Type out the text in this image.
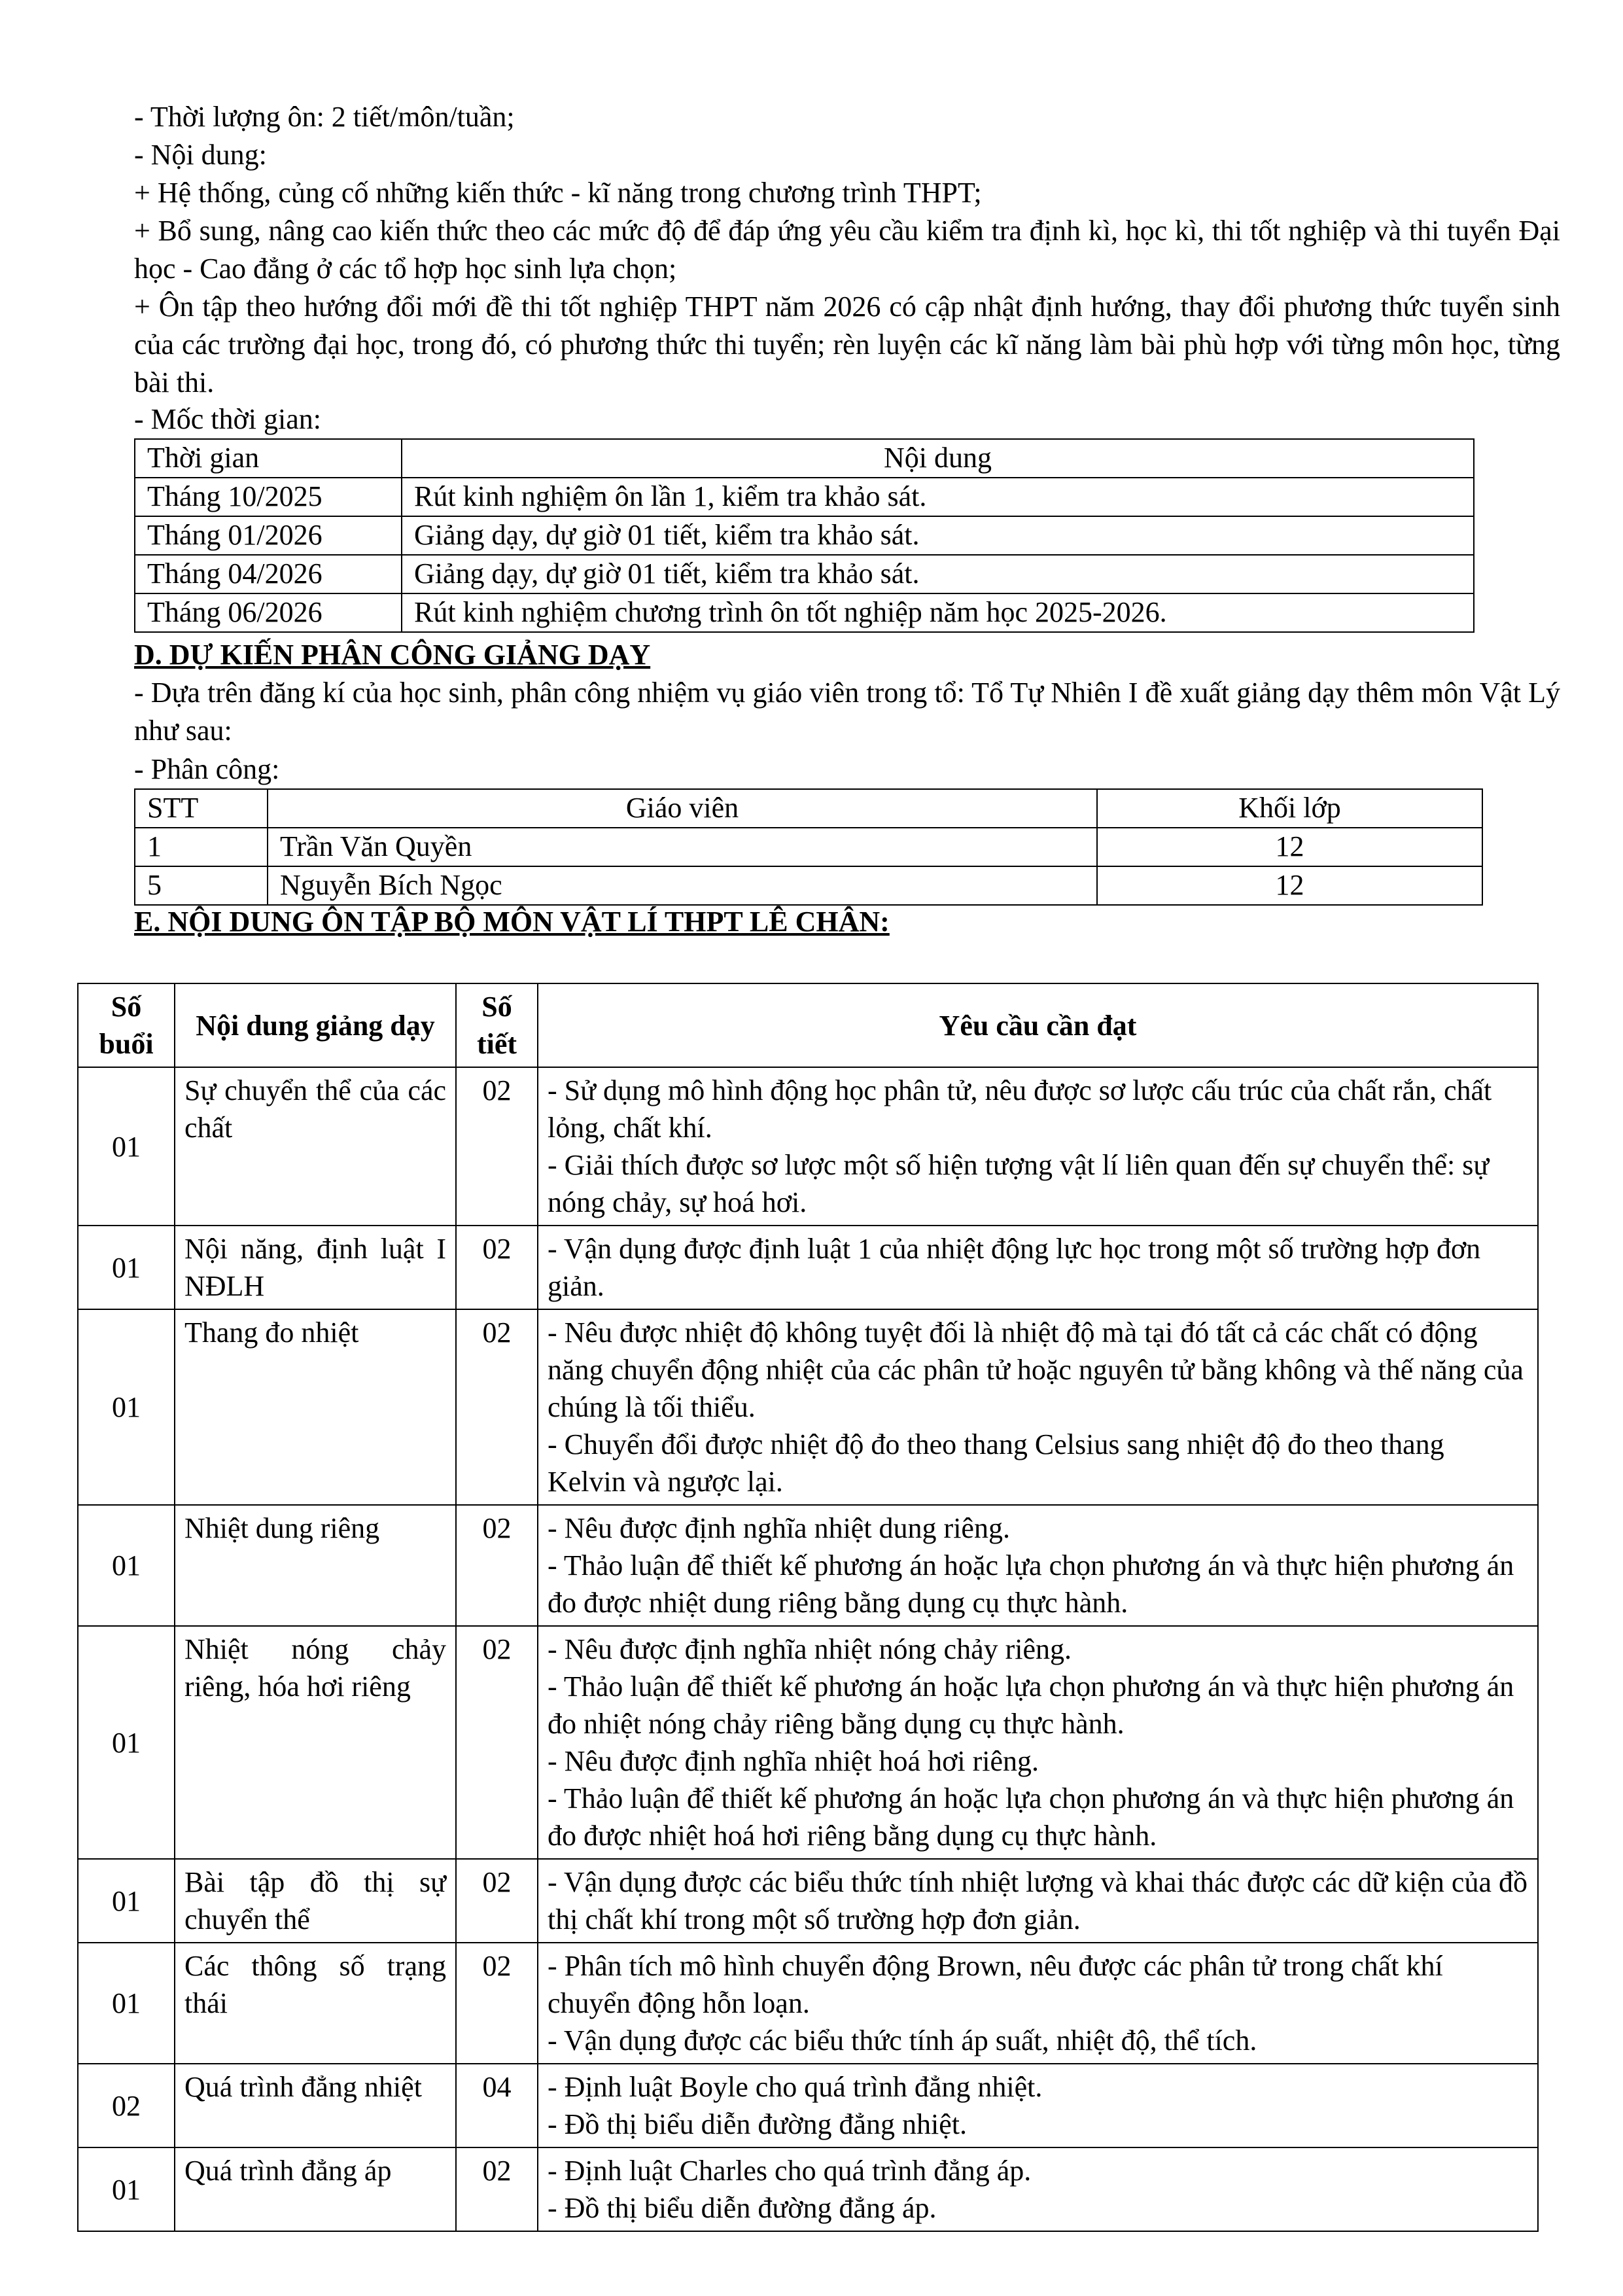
- Thời lượng ôn: 2 tiết/môn/tuần;
- Nội dung:
+ Hệ thống, củng cố những kiến thức - kĩ năng trong chương trình THPT;
+ Bổ sung, nâng cao kiến thức theo các mức độ để đáp ứng yêu cầu kiểm tra định kì, học kì, thi tốt nghiệp và thi tuyển Đại học - Cao đẳng ở các tổ hợp học sinh lựa chọn;
+ Ôn tập theo hướng đổi mới đề thi tốt nghiệp THPT năm 2026 có cập nhật định hướng, thay đổi phương thức tuyển sinh của các trường đại học, trong đó, có phương thức thi tuyển; rèn luyện các kĩ năng làm bài phù hợp với từng môn học, từng bài thi.
- Mốc thời gian:
Thời gian	Nội dung
Tháng 10/2025	Rút kinh nghiệm ôn lần 1, kiểm tra khảo sát.
Tháng 01/2026	Giảng dạy, dự giờ 01 tiết, kiểm tra khảo sát.
Tháng 04/2026	Giảng dạy, dự giờ 01 tiết, kiểm tra khảo sát.
Tháng 06/2026	Rút kinh nghiệm chương trình ôn tốt nghiệp năm học 2025-2026.
D. DỰ KIẾN PHÂN CÔNG GIẢNG DẠY
- Dựa trên đăng kí của học sinh, phân công nhiệm vụ giáo viên trong tổ: Tổ Tự Nhiên I đề xuất giảng dạy thêm môn Vật Lý như sau:
- Phân công:
STT	Giáo viên	Khối lớp
1	Trần Văn Quyền	12
5	Nguyễn Bích Ngọc	12
E. NỘI DUNG ÔN TẬP BỘ MÔN VẬT LÍ THPT LÊ CHÂN:
Số buổi	Nội dung giảng dạy	Số tiết	Yêu cầu cần đạt
01	Sự chuyển thể của các chất	02	- Sử dụng mô hình động học phân tử, nêu được sơ lược cấu trúc của chất rắn, chất lỏng, chất khí.
- Giải thích được sơ lược một số hiện tượng vật lí liên quan đến sự chuyển thể: sự nóng chảy, sự hoá hơi.

01	Nội năng, định luật I NĐLH	02	- Vận dụng được định luật 1 của nhiệt động lực học trong một số trường hợp đơn giản.

01	Thang đo nhiệt	02	- Nêu được nhiệt độ không tuyệt đối là nhiệt độ mà tại đó tất cả các chất có động năng chuyển động nhiệt của các phân tử hoặc nguyên tử bằng không và thế năng của chúng là tối thiểu.
- Chuyển đổi được nhiệt độ đo theo thang Celsius sang nhiệt độ đo theo thang Kelvin và ngược lại.

01	Nhiệt dung riêng	02	- Nêu được định nghĩa nhiệt dung riêng.
- Thảo luận để thiết kế phương án hoặc lựa chọn phương án và thực hiện phương án đo được nhiệt dung riêng bằng dụng cụ thực hành.

01	Nhiệt nóng chảy riêng, hóa hơi riêng	02	- Nêu được định nghĩa nhiệt nóng chảy riêng.
- Thảo luận để thiết kế phương án hoặc lựa chọn phương án và thực hiện phương án đo nhiệt nóng chảy riêng bằng dụng cụ thực hành.
- Nêu được định nghĩa nhiệt hoá hơi riêng.
- Thảo luận để thiết kế phương án hoặc lựa chọn phương án và thực hiện phương án đo được nhiệt hoá hơi riêng bằng dụng cụ thực hành.

01	Bài tập đồ thị sự chuyển thể	02	- Vận dụng được các biểu thức tính nhiệt lượng và khai thác được các dữ kiện của đồ thị chất khí trong một số trường hợp đơn giản.

01	Các thông số trạng thái	02	- Phân tích mô hình chuyển động Brown, nêu được các phân tử trong chất khí chuyển động hỗn loạn.
- Vận dụng được các biểu thức tính áp suất, nhiệt độ, thể tích.

02	Quá trình đẳng nhiệt	04	- Định luật Boyle cho quá trình đẳng nhiệt.
- Đồ thị biểu diễn đường đẳng nhiệt.

01	Quá trình đẳng áp	02	- Định luật Charles cho quá trình đẳng áp.
- Đồ thị biểu diễn đường đẳng áp.
